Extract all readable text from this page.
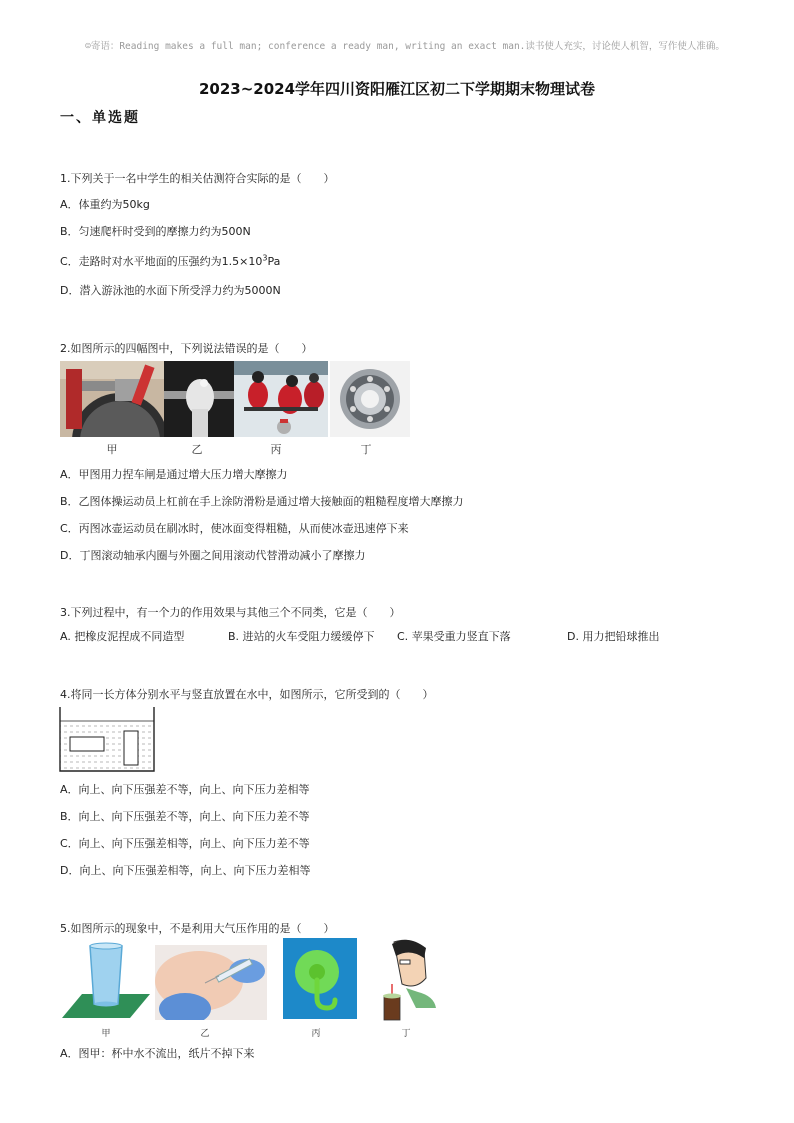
☺寄语：Reading makes a full man; conference a ready man, writing an exact man.读书使人充实，讨论使人机智，写作使人准确。
2023~2024学年四川资阳雁江区初二下学期期末物理试卷
一、单选题
1.下列关于一名中学生的相关估测符合实际的是（　　）
A．体重约为50kg
B．匀速爬杆时受到的摩擦力约为500N
C．走路时对水平地面的压强约为$1.5\times 10^3Pa$
D．潜入游泳池的水面下所受浮力约为5000N
2.如图所示的四幅图中，下列说法错误的是（　　）
甲	乙	丙	丁
A．甲图用力捏车闸是通过增大压力增大摩擦力
B．乙图体操运动员上杠前在手上涂防滑粉是通过增大接触面的粗糙程度增大摩擦力
C．丙图冰壶运动员在刷冰时，使冰面变得粗糙，从而使冰壶迅速停下来
D．丁图滚动轴承内圈与外圈之间用滚动代替滑动减小了摩擦力
3.下列过程中，有一个力的作用效果与其他三个不同类，它是（　　）
A. 把橡皮泥捏成不同造型	B. 进站的火车受阻力缓缓停下 C. 苹果受重力竖直下落	D. 用力把铅球推出
4.将同一长方体分别水平与竖直放置在水中，如图所示，它所受到的（　　）
A．向上、向下压强差不等，向上、向下压力差相等
B．向上、向下压强差不等，向上、向下压力差不等
C．向上、向下压强差相等，向上、向下压力差不等
D．向上、向下压强差相等，向上、向下压力差相等
5.如图所示的现象中，不是利用大气压作用的是（　　）
甲	乙	丙	丁
A．图甲：杯中水不流出，纸片不掉下来
